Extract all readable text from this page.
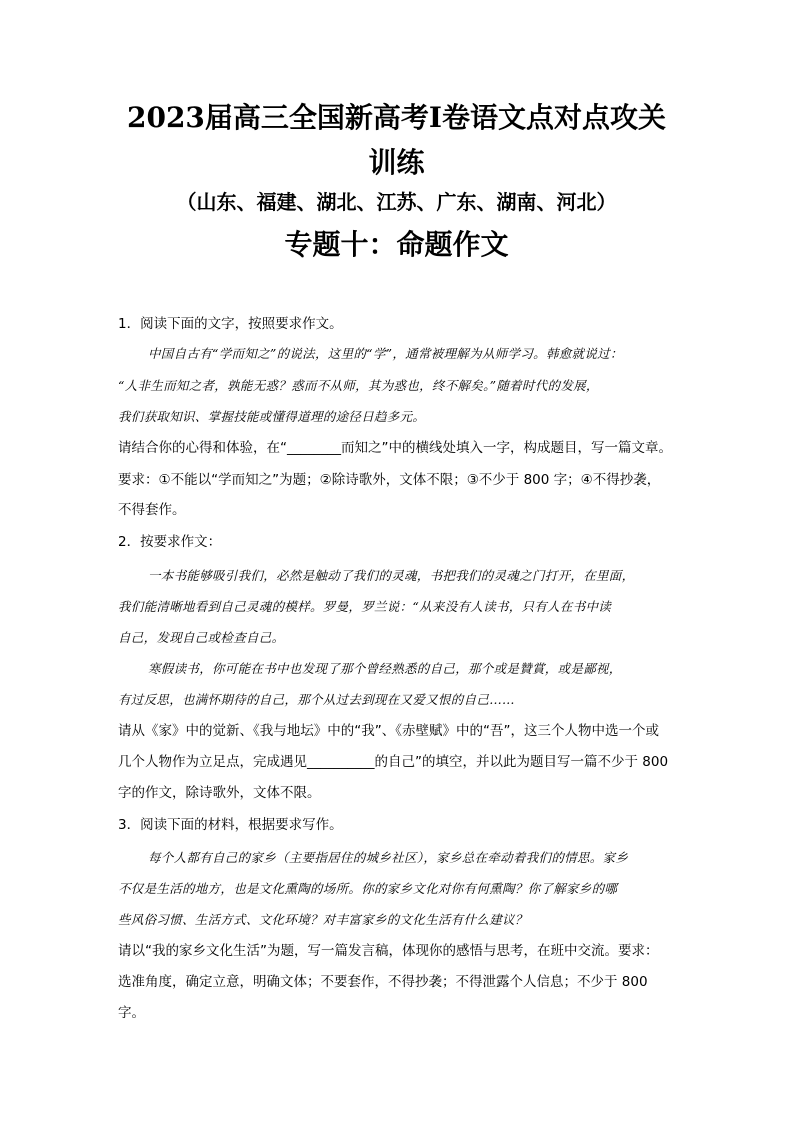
2023届高三全国新高考Ⅰ卷语文点对点攻关
训练
（山东、福建、湖北、江苏、广东、湖南、河北）
专题十：命题作文
1．阅读下面的文字，按照要求作文。
中国自古有“学而知之”的说法，这里的“学”，通常被理解为从师学习。韩愈就说过：
“人非生而知之者，孰能无惑？惑而不从师，其为惑也，终不解矣。”随着时代的发展，
我们获取知识、掌握技能或懂得道理的途径日趋多元。
请结合你的心得和体验，在“________而知之”中的横线处填入一字，构成题目，写一篇文章。
要求：①不能以“学而知之”为题；②除诗歌外，文体不限；③不少于 800 字；④不得抄袭，
不得套作。
2．按要求作文：
一本书能够吸引我们，必然是触动了我们的灵魂，书把我们的灵魂之门打开，在里面，
我们能清晰地看到自己灵魂的模样。罗曼，罗兰说：“从来没有人读书，只有人在书中读
自己，发现自己或检查自己。
寒假读书，你可能在书中也发现了那个曾经熟悉的自己，那个或是贊賞，或是鄙视，
有过反思，也满怀期待的自己，那个从过去到现在又爱又恨的自己……
请从《家》中的觉新、《我与地坛》中的“我”、《赤壁赋》中的“吾”，这三个人物中选一个或
几个人物作为立足点，完成遇见__________的自己”的填空，并以此为题目写一篇不少于 800
字的作文，除诗歌外，文体不限。
3．阅读下面的材料，根据要求写作。
每个人都有自己的家乡（主要指居住的城乡社区），家乡总在牵动着我们的情思。家乡
不仅是生活的地方，也是文化熏陶的场所。你的家乡文化对你有何熏陶？你了解家乡的哪
些风俗习惯、生活方式、文化环境？对丰富家乡的文化生活有什么建议？
请以“我的家乡文化生活”为题，写一篇发言稿，体现你的感悟与思考，在班中交流。要求：
选准角度，确定立意，明确文体；不要套作，不得抄袭；不得泄露个人信息；不少于 800
字。
